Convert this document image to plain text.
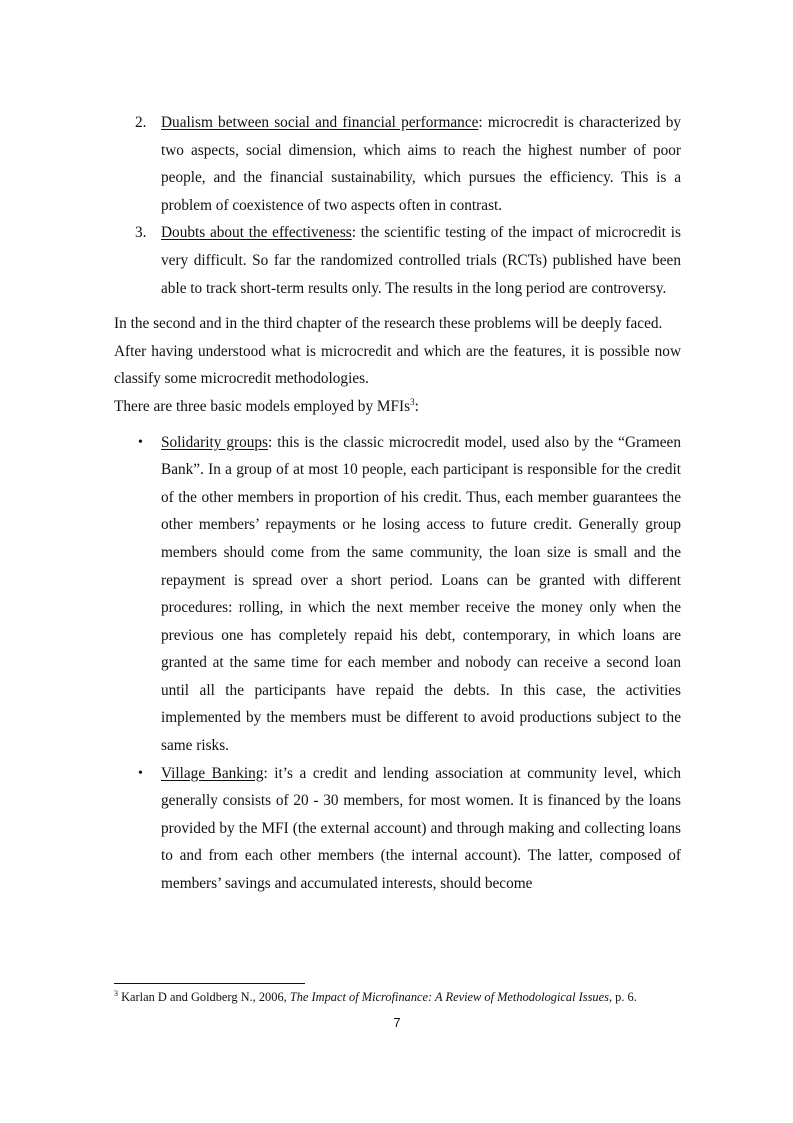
2. Dualism between social and financial performance: microcredit is characterized by two aspects, social dimension, which aims to reach the highest number of poor people, and the financial sustainability, which pursues the efficiency. This is a problem of coexistence of two aspects often in contrast.
3. Doubts about the effectiveness: the scientific testing of the impact of microcredit is very difficult. So far the randomized controlled trials (RCTs) published have been able to track short-term results only. The results in the long period are controversy.

In the second and in the third chapter of the research these problems will be deeply faced.

After having understood what is microcredit and which are the features, it is possible now classify some microcredit methodologies.

There are three basic models employed by MFIs$^3$:

• Solidarity groups: this is the classic microcredit model, used also by the “Grameen Bank”. In a group of at most 10 people, each participant is responsible for the credit of the other members in proportion of his credit. Thus, each member guarantees the other members’ repayments or he losing access to future credit. Generally group members should come from the same community, the loan size is small and the repayment is spread over a short period. Loans can be granted with different procedures: rolling, in which the next member receive the money only when the previous one has completely repaid his debt, contemporary, in which loans are granted at the same time for each member and nobody can receive a second loan until all the participants have repaid the debts. In this case, the activities implemented by the members must be different to avoid productions subject to the same risks.
• Village Banking: it’s a credit and lending association at community level, which generally consists of 20 - 30 members, for most women. It is financed by the loans provided by the MFI (the external account) and through making and collecting loans to and from each other members (the internal account). The latter, composed of members’ savings and accumulated interests, should become
$^3$ Karlan D and Goldberg N., 2006, The Impact of Microfinance: A Review of Methodological Issues, p. 6.
7
